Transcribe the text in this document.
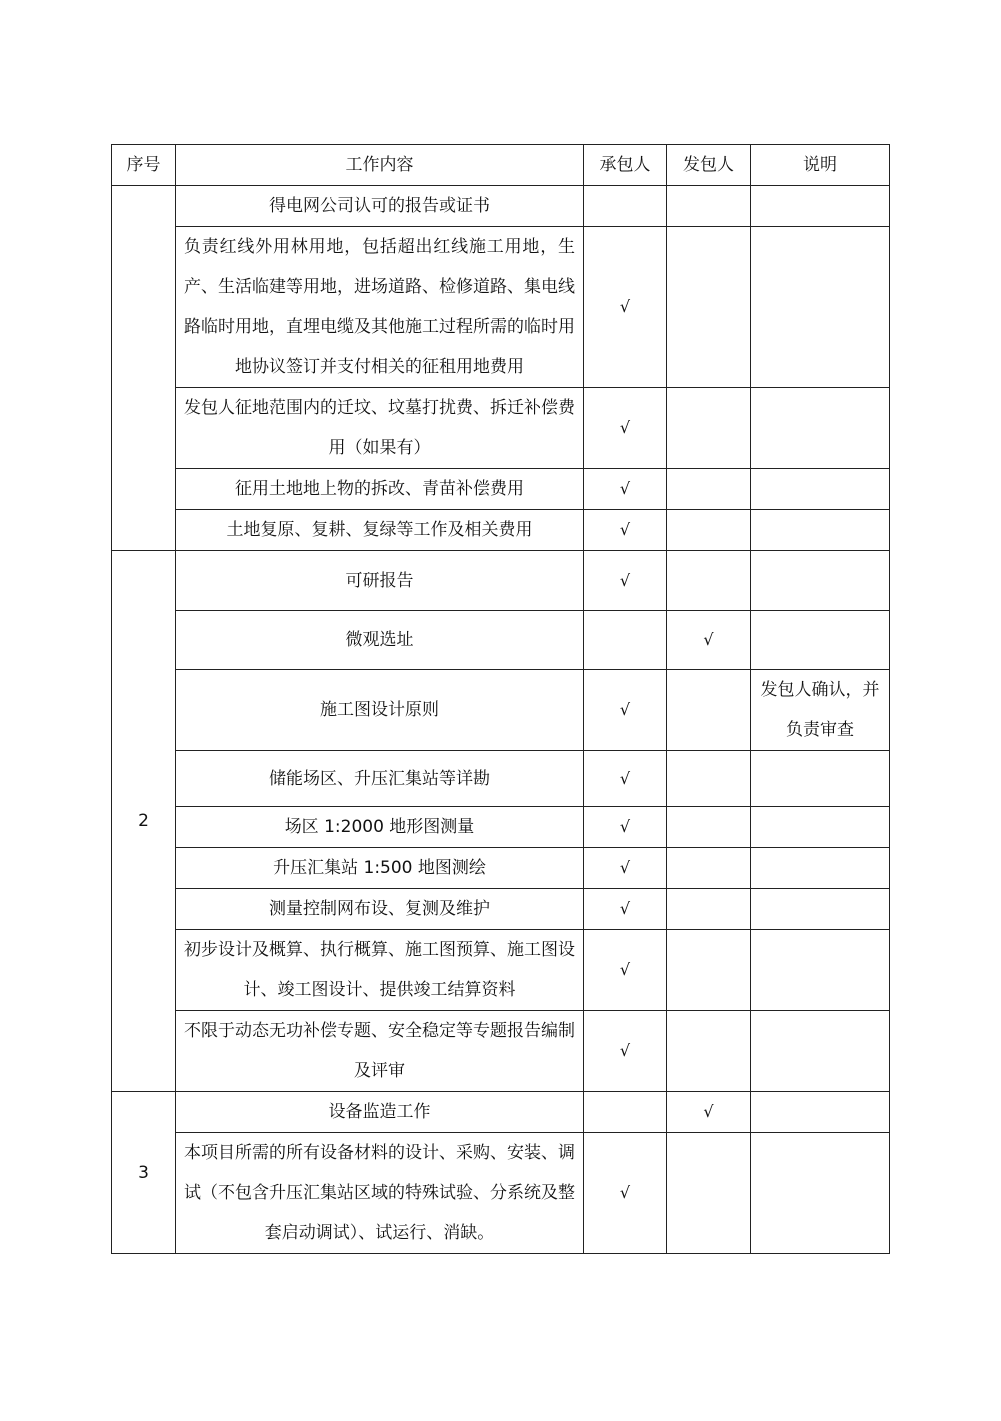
序号	工作内容	承包人	发包人	说明
	得电网公司认可的报告或证书			
	负责红线外用林用地，包括超出红线施工用地，生产、生活临建等用地，进场道路、检修道路、集电线路临时用地，直埋电缆及其他施工过程所需的临时用地协议签订并支付相关的征租用地费用	√		
	发包人征地范围内的迁坟、坟墓打扰费、拆迁补偿费用（如果有）	√		
	征用土地地上物的拆改、青苗补偿费用	√		
	土地复原、复耕、复绿等工作及相关费用	√		
2	可研报告	√		
	微观选址		√	
	施工图设计原则	√		发包人确认，并负责审查
	储能场区、升压汇集站等详勘	√		
	场区 1:2000 地形图测量	√		
	升压汇集站 1:500 地图测绘	√		
	测量控制网布设、复测及维护	√		
	初步设计及概算、执行概算、施工图预算、施工图设计、竣工图设计、提供竣工结算资料	√		
	不限于动态无功补偿专题、安全稳定等专题报告编制及评审	√		
3	设备监造工作		√	
	本项目所需的所有设备材料的设计、采购、安装、调试（不包含升压汇集站区域的特殊试验、分系统及整套启动调试）、试运行、消缺。	√		
